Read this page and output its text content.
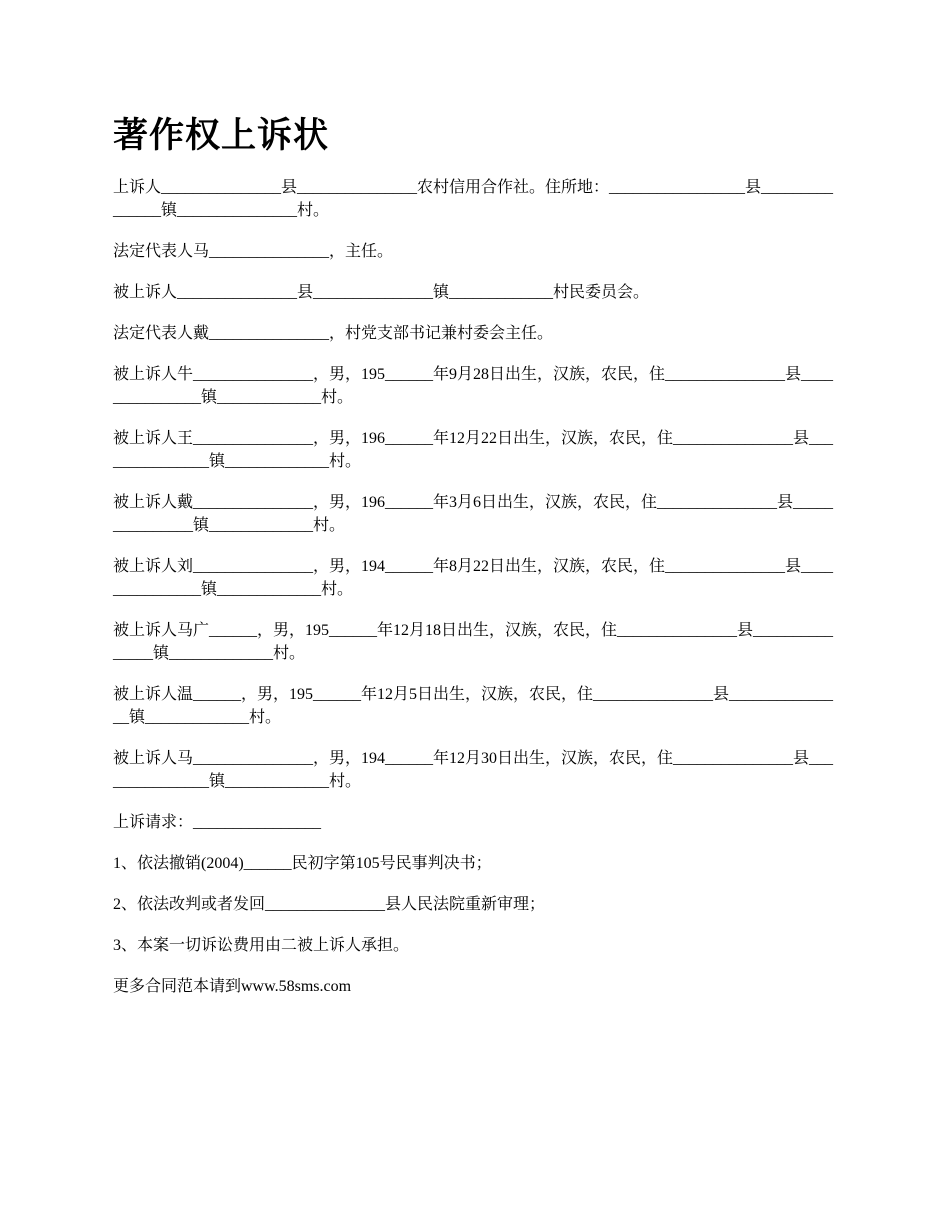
著作权上诉状

上诉人_______________县_______________农村信用合作社。住所地：_________________县_______________镇_______________村。

法定代表人马_______________，主任。

被上诉人_______________县_______________镇_____________村民委员会。

法定代表人戴_______________，村党支部书记兼村委会主任。

被上诉人牛_______________，男，195______年9月28日出生，汉族，农民，住_______________县_______________镇_____________村。

被上诉人王_______________，男，196______年12月22日出生，汉族，农民，住_______________县_______________镇_____________村。

被上诉人戴_______________，男，196______年3月6日出生，汉族，农民，住_______________县_______________镇_____________村。

被上诉人刘_______________，男，194______年8月22日出生，汉族，农民，住_______________县_______________镇_____________村。

被上诉人马广______，男，195______年12月18日出生，汉族，农民，住_______________县_______________镇_____________村。

被上诉人温______，男，195______年12月5日出生，汉族，农民，住_______________县_______________镇_____________村。

被上诉人马_______________，男，194______年12月30日出生，汉族，农民，住_______________县_______________镇_____________村。

上诉请求：________________

1、依法撤销(2004)______民初字第105号民事判决书；

2、依法改判或者发回_______________县人民法院重新审理；

3、本案一切诉讼费用由二被上诉人承担。

更多合同范本请到www.58sms.com
